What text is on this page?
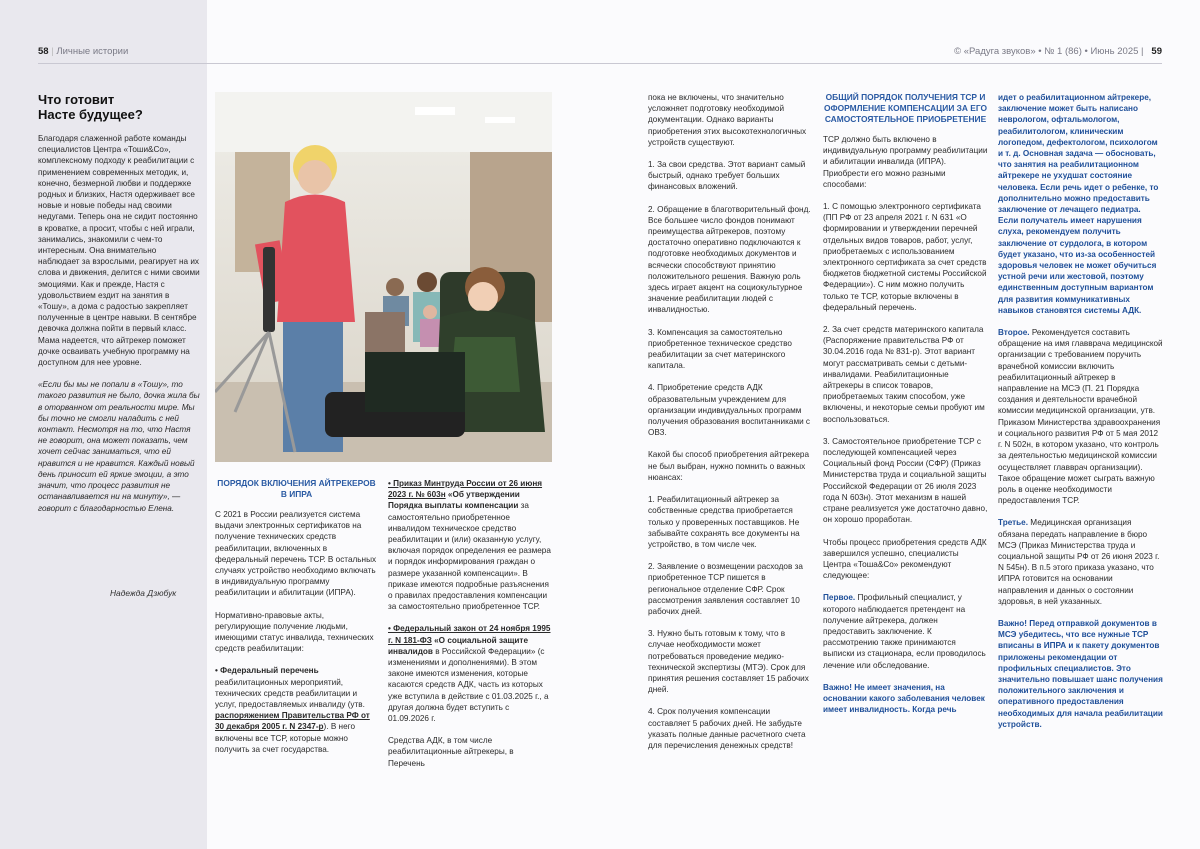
58 | Личные истории
Что готовит
Насте будущее?

Благодаря слаженной работе команды специалистов Центра «Тоши&Со», комплексному подходу к реабилитации с применением современных методик, и, конечно, безмерной любви и поддержке родных и близких, Настя одерживает все новые и новые победы над своими недугами. Теперь она не сидит постоянно в кроватке, а просит, чтобы с ней играли, занимались, знакомили с чем-то интересным. Она внимательно наблюдает за взрослыми, реагирует на их слова и движения, делится с ними своими эмоциями. Как и прежде, Настя с удовольствием ездит на занятия в «Тошу», а дома с радостью закрепляет полученные в центре навыки. В сентябре девочка должна пойти в первый класс. Мама надеется, что айтрекер поможет дочке осваивать учебную программу на доступном для нее уровне.

«Если бы мы не попали в «Тошу», то такого развития не было, дочка жила бы в оторванном от реальности мире. Мы бы точно не смогли наладить с ней контакт. Несмотря на то, что Настя не говорит, она может показать, чем хочет сейчас заниматься, что ей нравится и не нравится. Каждый новый день приносит ей яркие эмоции, а это значит, что процесс развития не останавливается ни на минуту», — говорит с благодарностью Елена.

Надежда Дзюбук
ПОРЯДОК ВКЛЮЧЕНИЯ АЙТРЕКЕРОВ В ИПРА

С 2021 в России реализуется система выдачи электронных сертификатов на получение технических средств реабилитации, включенных в федеральный перечень ТСР. В остальных случаях устройство необходимо включать в индивидуальную программу реабилитации и абилитации (ИПРА).

Нормативно-правовые акты, регулирующие получение людьми, имеющими статус инвалида, технических средств реабилитации:

• Федеральный перечень реабилитационных мероприятий, технических средств реабилитации и услуг, предоставляемых инвалиду (утв. распоряжением Правительства РФ от 30 декабря 2005 г. N 2347-р). В него включены все ТСР, которые можно получить за счет государства.

• Приказ Минтруда России от 26 июня 2023 г. № 603н «Об утверждении Порядка выплаты компенсации за самостоятельно приобретенное инвалидом техническое средство реабилитации и (или) оказанную услугу, включая порядок определения ее размера и порядок информирования граждан о размере указанной компенсации». В приказе имеются подробные разъяснения о правилах предоставления компенсации за самостоятельно приобретенное ТСР.

• Федеральный закон от 24 ноября 1995 г. N 181-ФЗ «О социальной защите инвалидов в Российской Федерации» (с изменениями и дополнениями). В этом законе имеются изменения, которые касаются средств АДК, часть из которых уже вступила в действие с 01.03.2025 г., а другая должна будет вступить с 01.09.2026 г.

Средства АДК, в том числе реабилитационные айтрекеры, в Перечень

© «Радуга звуков» • № 1 (86) • Июнь 2025 | 59

пока не включены, что значительно усложняет подготовку необходимой документации. Однако варианты приобретения этих высокотехнологичных устройств существуют.

1. За свои средства. Этот вариант самый быстрый, однако требует больших финансовых вложений.

2. Обращение в благотворительный фонд. Все большее число фондов понимают преимущества айтрекеров, поэтому достаточно оперативно подключаются к подготовке необходимых документов и всячески способствуют принятию положительного решения. Важную роль здесь играет акцент на социокультурное значение реабилитации людей с инвалидностью.

3. Компенсация за самостоятельно приобретенное техническое средство реабилитации за счет материнского капитала.

4. Приобретение средств АДК образовательным учреждением для организации индивидуальных программ получения образования воспитанниками с ОВЗ.

Какой бы способ приобретения айтрекера не был выбран, нужно помнить о важных нюансах:

1. Реабилитационный айтрекер за собственные средства приобретается только у проверенных поставщиков. Не забывайте сохранять все документы на устройство, в том числе чек.

2. Заявление о возмещении расходов за приобретенное ТСР пишется в региональное отделение СФР. Срок рассмотрения заявления составляет 10 рабочих дней.

3. Нужно быть готовым к тому, что в случае необходимости может потребоваться проведение медико-технической экспертизы (МТЭ). Срок для принятия решения составляет 15 рабочих дней.

4. Срок получения компенсации составляет 5 рабочих дней. Не забудьте указать полные данные расчетного счета для перечисления денежных средств!

ОБЩИЙ ПОРЯДОК ПОЛУЧЕНИЯ ТСР И ОФОРМЛЕНИЕ КОМПЕНСАЦИИ ЗА ЕГО САМОСТОЯТЕЛЬНОЕ ПРИОБРЕТЕНИЕ

ТСР должно быть включено в индивидуальную программу реабилитации и абилитации инвалида (ИПРА). Приобрести его можно разными способами:

1. С помощью электронного сертификата (ПП РФ от 23 апреля 2021 г. N 631 «О формировании и утверждении перечней отдельных видов товаров, работ, услуг, приобретаемых с использованием электронного сертификата за счет средств бюджетов бюджетной системы Российской Федерации»). С ним можно получить только те ТСР, которые включены в федеральный перечень.

2. За счет средств материнского капитала (Распоряжение правительства РФ от 30.04.2016 года № 831-р). Этот вариант могут рассматривать семьи с детьми-инвалидами. Реабилитационные айтрекеры в список товаров, приобретаемых таким способом, уже включены, и некоторые семьи пробуют им воспользоваться.

3. Самостоятельное приобретение ТСР с последующей компенсацией через Социальный фонд России (СФР) (Приказ Министерства труда и социальной защиты Российской Федерации от 26 июля 2023 года N 603н). Этот механизм в нашей стране реализуется уже достаточно давно, он хорошо проработан.

Чтобы процесс приобретения средств АДК завершился успешно, специалисты Центра «Тоша&Со» рекомендуют следующее:

Первое. Профильный специалист, у которого наблюдается претендент на получение айтрекера, должен предоставить заключение. К рассмотрению также принимаются выписки из стационара, если проводилось лечение или обследование.

Важно! Не имеет значения, на основании какого заболевания человек имеет инвалидность. Когда речь

идет о реабилитационном айтрекере, заключение может быть написано неврологом, офтальмологом, реабилитологом, клиническим логопедом, дефектологом, психологом и т. д. Основная задача — обосновать, что занятия на реабилитационном айтрекере не ухудшат состояние человека. Если речь идет о ребенке, то дополнительно можно предоставить заключение от лечащего педиатра. Если получатель имеет нарушения слуха, рекомендуем получить заключение от сурдолога, в котором будет указано, что из-за особенностей здоровья человек не может обучиться устной речи или жестовой, поэтому единственным доступным вариантом для развития коммуникативных навыков становятся системы АДК.

Второе. Рекомендуется составить обращение на имя главврача медицинской организации с требованием поручить врачебной комиссии включить реабилитационный айтрекер в направление на МСЭ (П. 21 Порядка создания и деятельности врачебной комиссии медицинской организации, утв. Приказом Министерства здравоохранения и социального развития РФ от 5 мая 2012 г. N 502н, в котором указано, что контроль за деятельностью медицинской комиссии осуществляет главврач организации). Такое обращение может сыграть важную роль в оценке необходимости предоставления ТСР.

Третье. Медицинская организация обязана передать направление в бюро МСЭ (Приказ Министерства труда и социальной защиты РФ от 26 июня 2023 г. N 545н). В п.5 этого приказа указано, что ИПРА готовится на основании направления и данных о состоянии здоровья, в ней указанных.

Важно! Перед отправкой документов в МСЭ убедитесь, что все нужные ТСР вписаны в ИПРА и к пакету документов приложены рекомендации от профильных специалистов. Это значительно повышает шанс получения положительного заключения и оперативного предоставления необходимых для начала реабилитации устройств.
